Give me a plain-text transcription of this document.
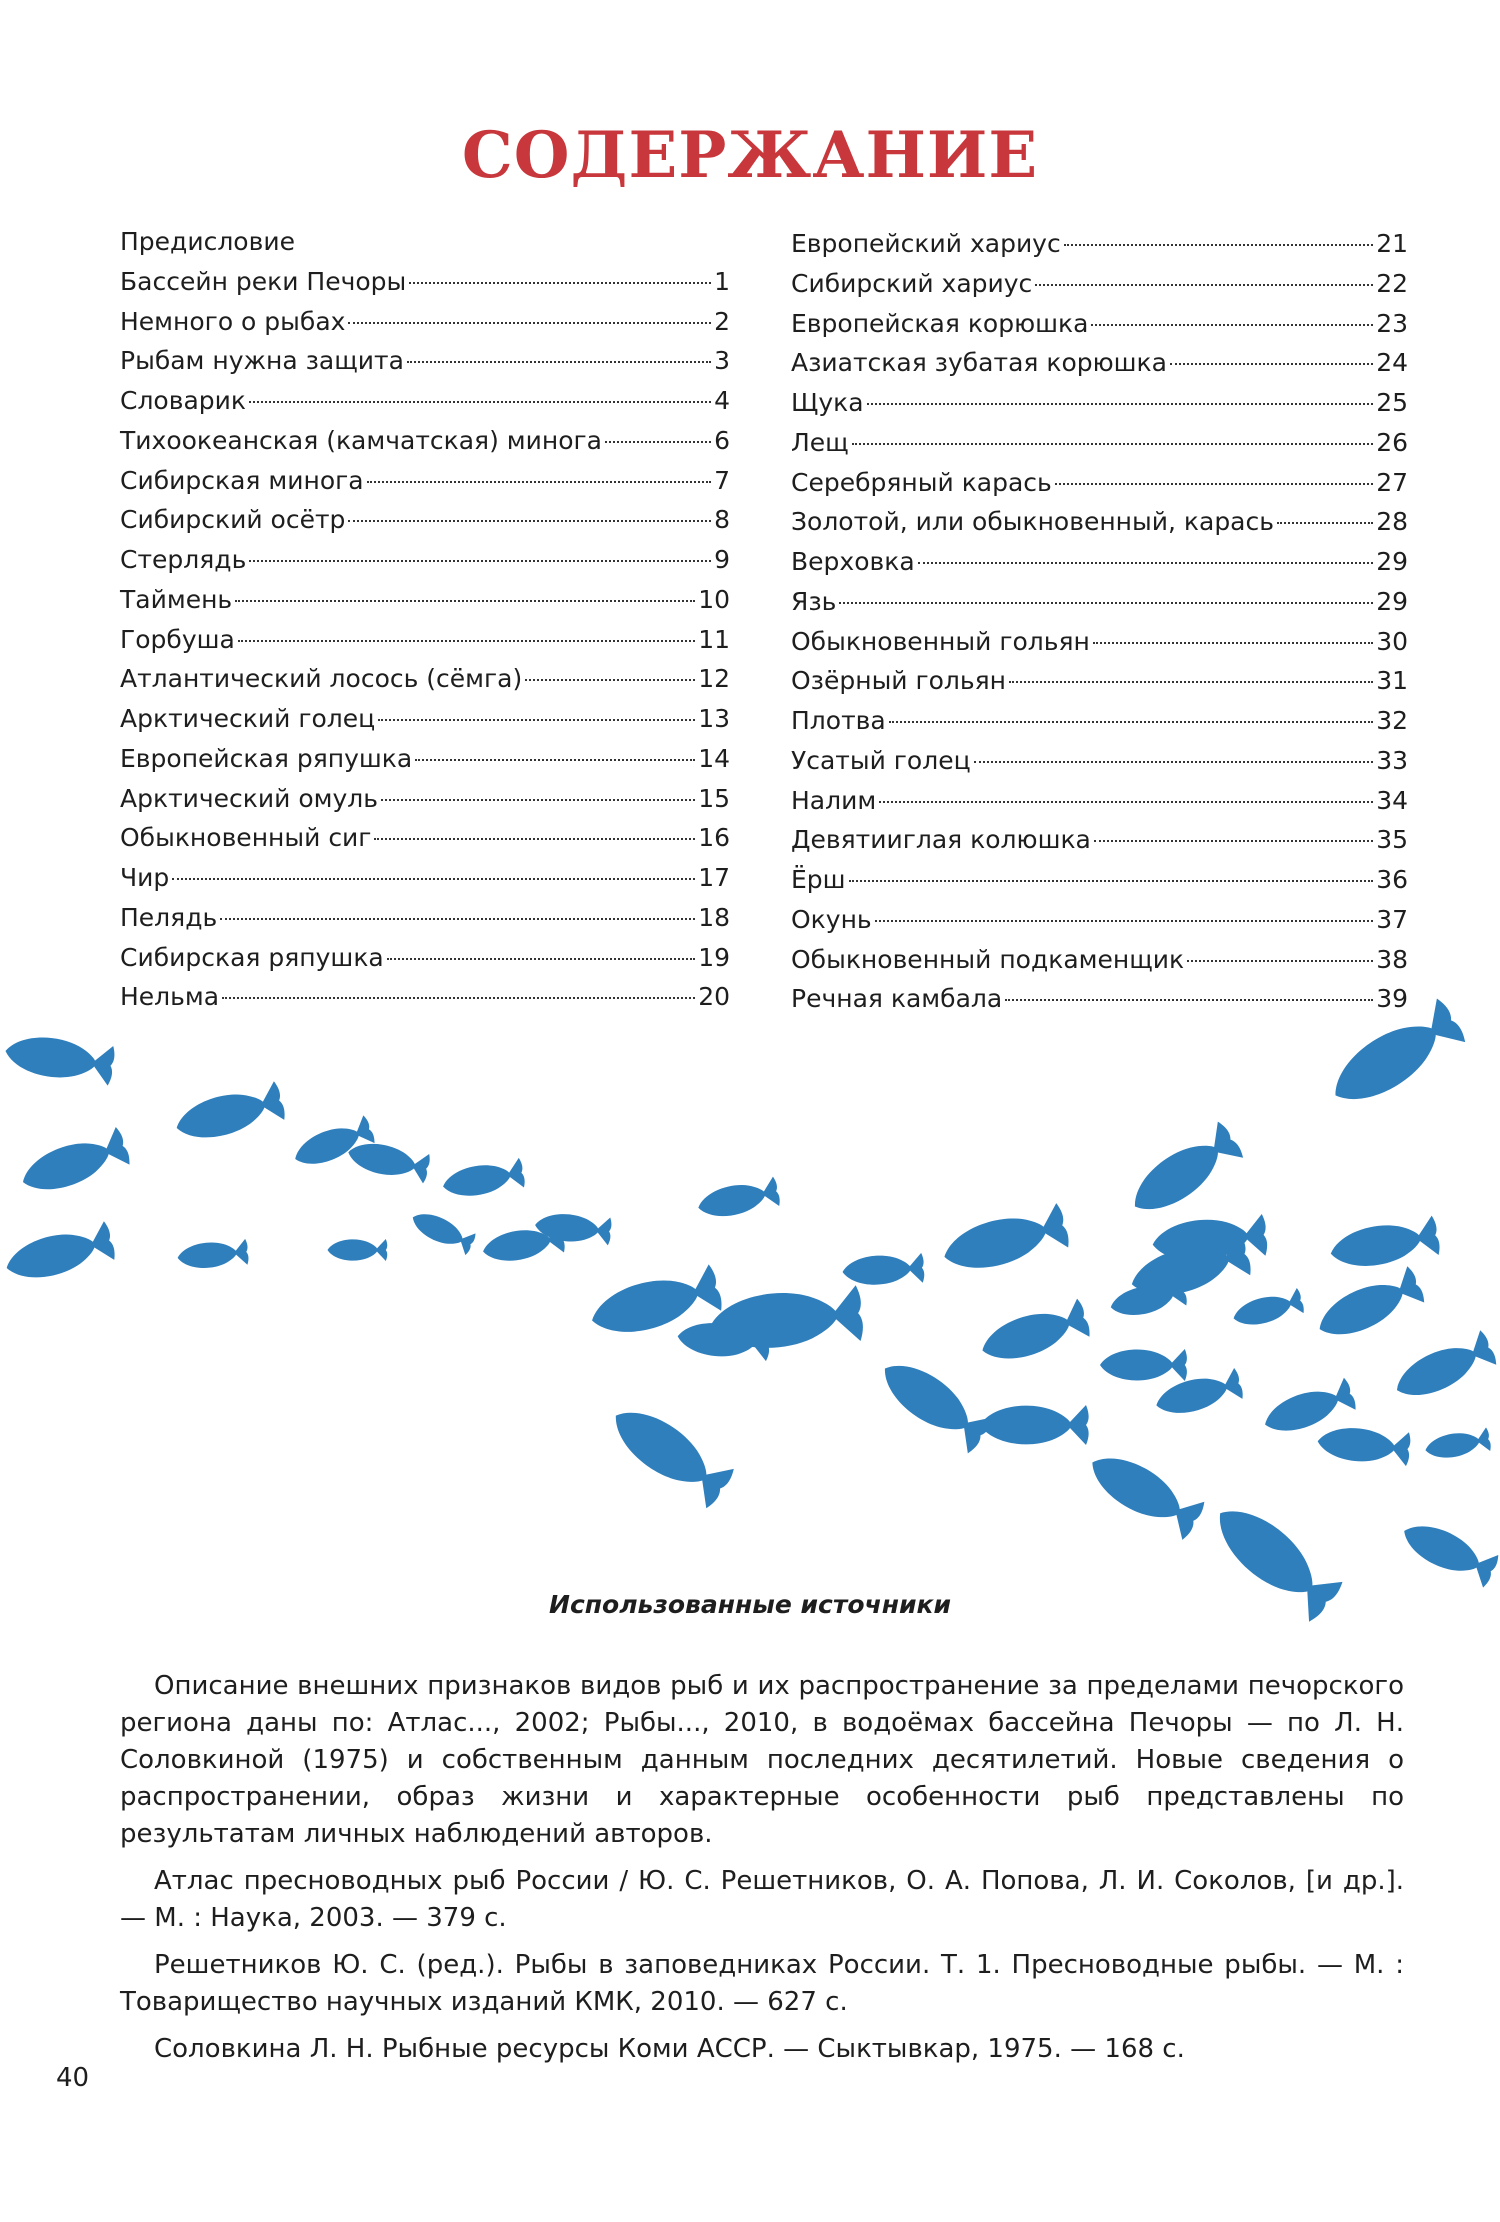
СОДЕРЖАНИЕ
Предисловие
Бассейн реки Печоры	1
Немного о рыбах	2
Рыбам нужна защита	3
Словарик	4
Тихоокеанская (камчатская) минога	6
Сибирская минога	7
Сибирский осётр	8
Стерлядь	9
Таймень	10
Горбуша	11
Атлантический лосось (сёмга)	12
Арктический голец	13
Европейская ряпушка	14
Арктический омуль	15
Обыкновенный сиг	16
Чир	17
Пелядь	18
Сибирская ряпушка	19
Нельма	20
Европейский хариус	21
Сибирский хариус	22
Европейская корюшка	23
Азиатская зубатая корюшка	24
Щука	25
Лещ	26
Серебряный карась	27
Золотой, или обыкновенный, карась	28
Верховка	29
Язь	29
Обыкновенный гольян	30
Озёрный гольян	31
Плотва	32
Усатый голец	33
Налим	34
Девятииглая колюшка	35
Ёрш	36
Окунь	37
Обыкновенный подкаменщик	38
Речная камбала	39
Использованные источники

Описание внешних признаков видов рыб и их распространение за пределами печорского региона даны по: Атлас..., 2002; Рыбы..., 2010, в водоёмах бассейна Печоры — по Л. Н. Соловкиной (1975) и собственным данным последних десятилетий. Новые сведения о распространении, образ жизни и характерные особенности рыб представлены по результатам личных наблюдений авторов.

Атлас пресноводных рыб России / Ю. С. Решетников, О. А. Попова, Л. И. Соколов, [и др.]. — М. : Наука, 2003. — 379 с.

Решетников Ю. С. (ред.). Рыбы в заповедниках России. Т. 1. Пресноводные рыбы. — М. : Товарищество научных изданий КМК, 2010. — 627 с.

Соловкина Л. Н. Рыбные ресурсы Коми АССР. — Сыктывкар, 1975. — 168 с.

40
